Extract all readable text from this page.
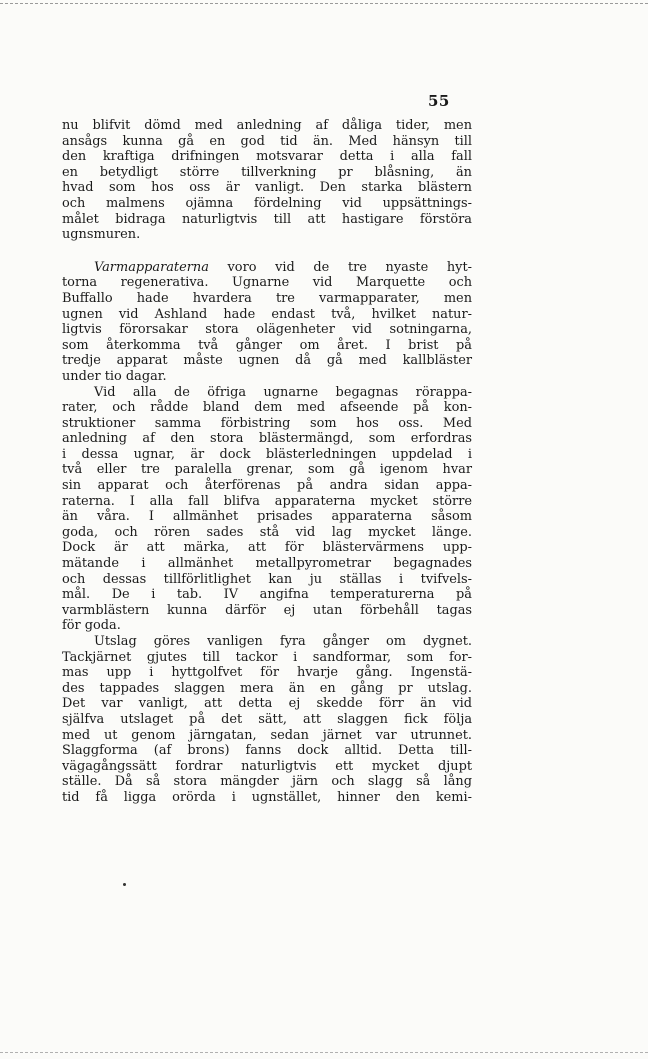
55
nu blifvit dömd med anledning af dåliga tider, men
ansågs kunna gå en god tid än. Med hänsyn till
den kraftiga drifningen motsvarar detta i alla fall
en betydligt större tillverkning pr blåsning, än
hvad som hos oss är vanligt. Den starka blästern
och malmens ojämna fördelning vid uppsättnings-
målet bidraga naturligtvis till att hastigare förstöra
ugnsmuren.
Varmapparaterna voro vid de tre nyaste hyt-
torna regenerativa. Ugnarne vid Marquette och
Buffallo hade hvardera tre varmapparater, men
ugnen vid Ashland hade endast två, hvilket natur-
ligtvis förorsakar stora olägenheter vid sotningarna,
som återkomma två gånger om året. I brist på
tredje apparat måste ugnen då gå med kallbläster
under tio dagar.
Vid alla de öfriga ugnarne begagnas rörappa-
rater, och rådde bland dem med afseende på kon-
struktioner samma förbistring som hos oss. Med
anledning af den stora blästermängd, som erfordras
i dessa ugnar, är dock blästerledningen uppdelad i
två eller tre paralella grenar, som gå igenom hvar
sin apparat och återförenas på andra sidan appa-
raterna. I alla fall blifva apparaterna mycket större
än våra. I allmänhet prisades apparaterna såsom
goda, och rören sades stå vid lag mycket länge.
Dock är att märka, att för blästervärmens upp-
mätande i allmänhet metallpyrometrar begagnades
och dessas tillförlitlighet kan ju ställas i tvifvels-
mål. De i tab. IV angifna temperaturerna på
varmblästern kunna därför ej utan förbehåll tagas
för goda.
Utslag göres vanligen fyra gånger om dygnet.
Tackjärnet gjutes till tackor i sandformar, som for-
mas upp i hyttgolfvet för hvarje gång. Ingenstä-
des tappades slaggen mera än en gång pr utslag.
Det var vanligt, att detta ej skedde förr än vid
själfva utslaget på det sätt, att slaggen fick följa
med ut genom järngatan, sedan järnet var utrunnet.
Slaggforma (af brons) fanns dock alltid. Detta till-
vägagångssätt fordrar naturligtvis ett mycket djupt
ställe. Då så stora mängder järn och slagg så lång
tid få ligga orörda i ugnstället, hinner den kemi-
